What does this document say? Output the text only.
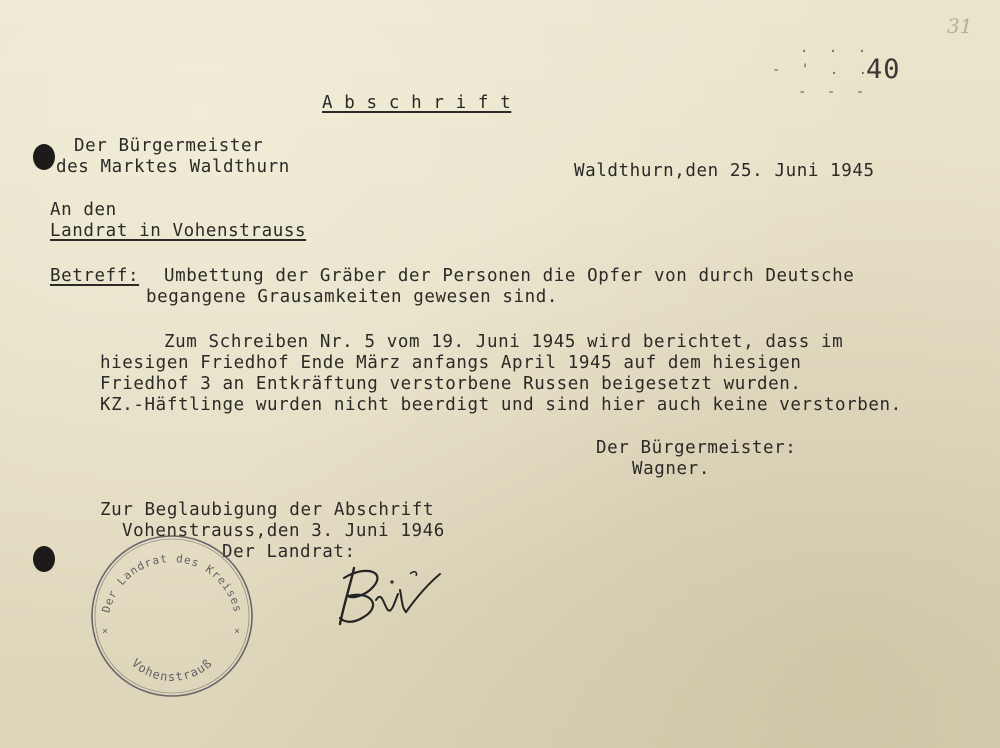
31
40
- ' . .
- - -
. . .
A b s c h r i f t
Der Bürgermeister
des Marktes Waldthurn	Waldthurn,den 25. Juni 1945
An den
Landrat in Vohenstrauss
Betreff: Umbettung der Gräber der Personen die Opfer von durch Deutsche
begangene Grausamkeiten gewesen sind.
Zum Schreiben Nr. 5 vom 19. Juni 1945 wird berichtet, dass im
hiesigen Friedhof Ende März anfangs April 1945 auf dem hiesigen
Friedhof 3 an Entkräftung verstorbene Russen beigesetzt wurden.
KZ.-Häftlinge wurden nicht beerdigt und sind hier auch keine verstorben.
Der Bürgermeister:
Wagner.
Zur Beglaubigung der Abschrift
Vohenstrauss,den 3. Juni 1946
Der Landrat:
Der Landrat des Kreises
Vohenstrauß
×	×
